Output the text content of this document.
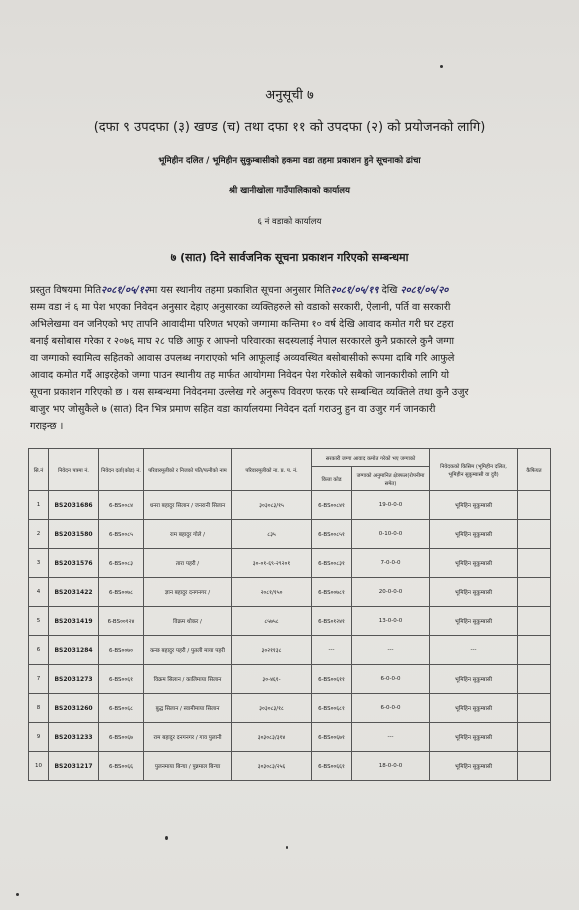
अनुसूची ७
(दफा ९ उपदफा (३) खण्ड (च) तथा दफा ११ को उपदफा (२) को प्रयोजनको लागि)
भूमिहीन दलित / भूमिहीन सुकुम्बासीको हकमा वडा तहमा प्रकाशन हुने सूचनाको ढांचा
श्री खानीखोला गाउँपालिकाको कार्यालय
६ नं वडाको कार्यालय
७ (सात) दिने सार्वजनिक सूचना प्रकाशन गरिएको सम्बन्धमा

प्रस्तुत विषयमा मिति२०८१/०५/१२मा यस स्थानीय तहमा प्रकाशित सूचना अनुसार मिति२०८१/०५/१९ देखि २०८१/०५/२०

सम्म वडा नं ६ मा पेश भएका निवेदन अनुसार देहाए अनुसारका व्यक्तिहरुले सो वडाको सरकारी, ऐलानी, पर्ति वा सरकारी

अभिलेखमा वन जनिएको भए तापनि आवादीमा परिणत भएको जग्गामा कन्तिमा १० वर्ष देखि आवाद कमोत गरी घर टहरा

बनाई बसोबास गरेका र २०७६ माघ २८ पछि आफु र आफ्नो परिवारका सदस्यलाई नेपाल सरकारले कुनै प्रकारले कुनै जग्गा

वा जग्गाको स्वामित्व सहितको आवास उपलब्ध नगराएको भनि आफूलाई अव्यवस्थित बसोबासीको रूपमा दाबि गरि आफुले

आवाद कमोत गर्दै आइरहेको जग्गा पाउन स्थानीय तह मार्फत आयोगमा निवेदन पेश गरेकोले सबैको जानकारीको लागि यो

सूचना प्रकाशन गरिएको छ । यस सम्बन्धमा निवेदनमा उल्लेख गरे अनुरूप विवरण फरक परे सम्बन्धित व्यक्तिले तथा कुनै उजुर

बाजुर भए जोसुकैले ७ (सात) दिन भित्र प्रमाण सहित वडा कार्यालयमा निवेदन दर्ता गराउनु हुन वा उजुर गर्न जानकारी

गराइन्छ ।

सि.नं	निवेदन पत्रमा नं.	निवेदन दर्ता(कोड) नं.	परिवारमूलीको र निजको पति/पत्नीको नाम	परिवारमूलीको ना. प्र. प. नं.	सरकारी जग्गा आवाद कमोत गरेको भए जग्गाको		निवेदकको किसिम (भूमिहीन दलित, भूमिहीन सुकुम्बासी वा दुवै)	कैफियत
					कित्ता कोड	जग्गाको अनुमानित क्षेत्रफल(रोपनीमा समेत)		
1	BS2031686	6-BS००८४	धनरा बहादुर सिलान / जनरानी सिलान	३०३०८३/१५	6-BS००८४१	19-0-0-0	भूमिहिन सुकुम्बासी	
2	BS2031580	6-BS००८५	राम बहादुर गोले /	८३५	6-BS००८५१	0-10-0-0	भूमिहिन सुकुम्बासी	
3	BS2031576	6-BS००८३	तारा पहरी /	३०-०१-६९-२९२०१	6-BS००८३१	7-0-0-0	भूमिहिन सुकुम्बासी	
4	BS2031422	6-BS००७८	ज्ञान बहादुर दनगनगर /	२०८१/१५०	6-BS००७८१	20-0-0-0	भूमिहिन सुकुम्बासी	
5	BS2031419	6-BS००१२४	विक्रम थोकर /	८५७५८	6-BS०१२४१	13-0-0-0	भूमिहिन सुकुम्बासी	
6	BS2031284	6-BS००७०	कन्छ बहादुर पहरी / पुतली माया पहरी	३०२११३८	---	---	---	
7	BS2031273	6-BS००६१	विक्रम सिलान / कालिमाया सिलान	३०-४६१-	6-BS००६११	6-0-0-0	भूमिहिन सुकुम्बासी	
8	BS2031260	6-BS००६८	बुद्ध सिलान / स्वामीमाया सिलान	३०३०८३/१८	6-BS००६८१	6-0-0-0	भूमिहिन सुकुम्बासी	
9	BS2031233	6-BS००६७	राम बहादुर दनगनगर / गाव पुलानी	३०३०८३/३१४	6-BS००६७१	---	भूमिहिन सुकुम्बासी	
10	BS2031217	6-BS००६६	पुलनमाया बिन्चा / पुन्नमाल बिन्चा	३०३०८३/२५६	6-BS००६६१	18-0-0-0	भूमिहिन सुकुम्बासी	
